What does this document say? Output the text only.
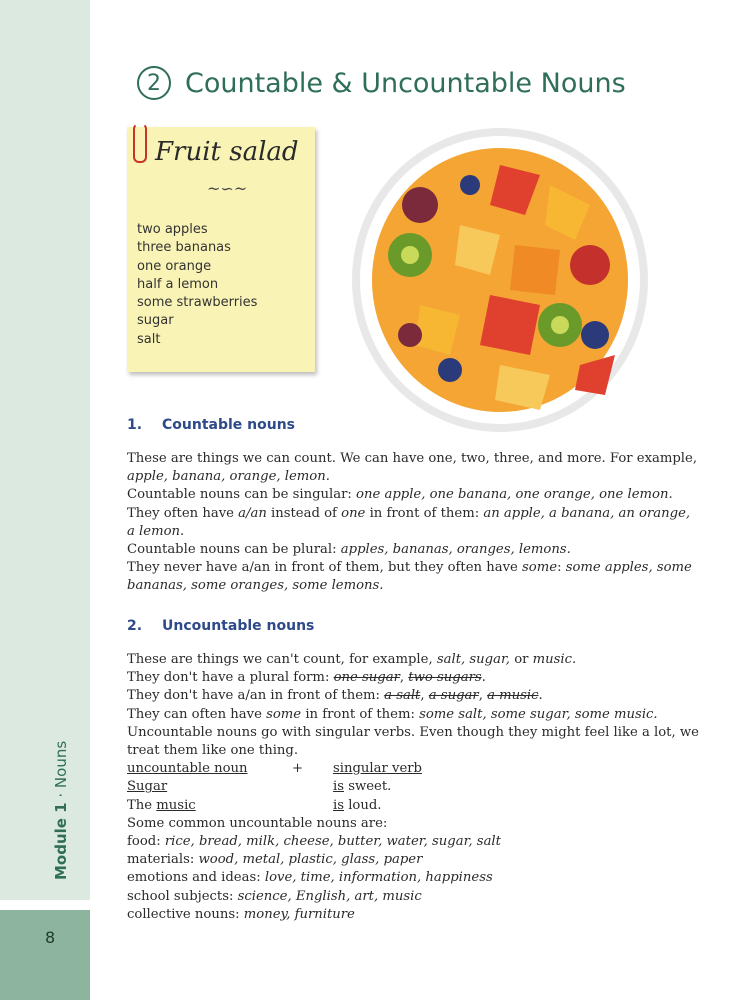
Module 1 · Nouns
8
2 Countable & Uncountable Nouns
Fruit salad
~∽~
two apples
three bananas
one orange
half a lemon
some strawberries
sugar
salt
1. Countable nouns

These are things we can count. We can have one, two, three, and more. For example,

apple, banana, orange, lemon.

Countable nouns can be singular: one apple, one banana, one orange, one lemon.

They often have a/an instead of one in front of them: an apple, a banana, an orange,

a lemon.

Countable nouns can be plural: apples, bananas, oranges, lemons.

They never have a/an in front of them, but they often have some: some apples, some

bananas, some oranges, some lemons.

2. Uncountable nouns

These are things we can't count, for example, salt, sugar, or music.

They don't have a plural form: one sugar, two sugars.

They don't have a/an in front of them: a salt, a sugar, a music.

They can often have some in front of them: some salt, some sugar, some music.

Uncountable nouns go with singular verbs. Even though they might feel like a lot, we

treat them like one thing.

uncountable noun	+ singular verb
Sugar	is sweet.
The music	is loud.

Some common uncountable nouns are:

food: rice, bread, milk, cheese, butter, water, sugar, salt

materials: wood, metal, plastic, glass, paper

emotions and ideas: love, time, information, happiness

school subjects: science, English, art, music

collective nouns: money, furniture
